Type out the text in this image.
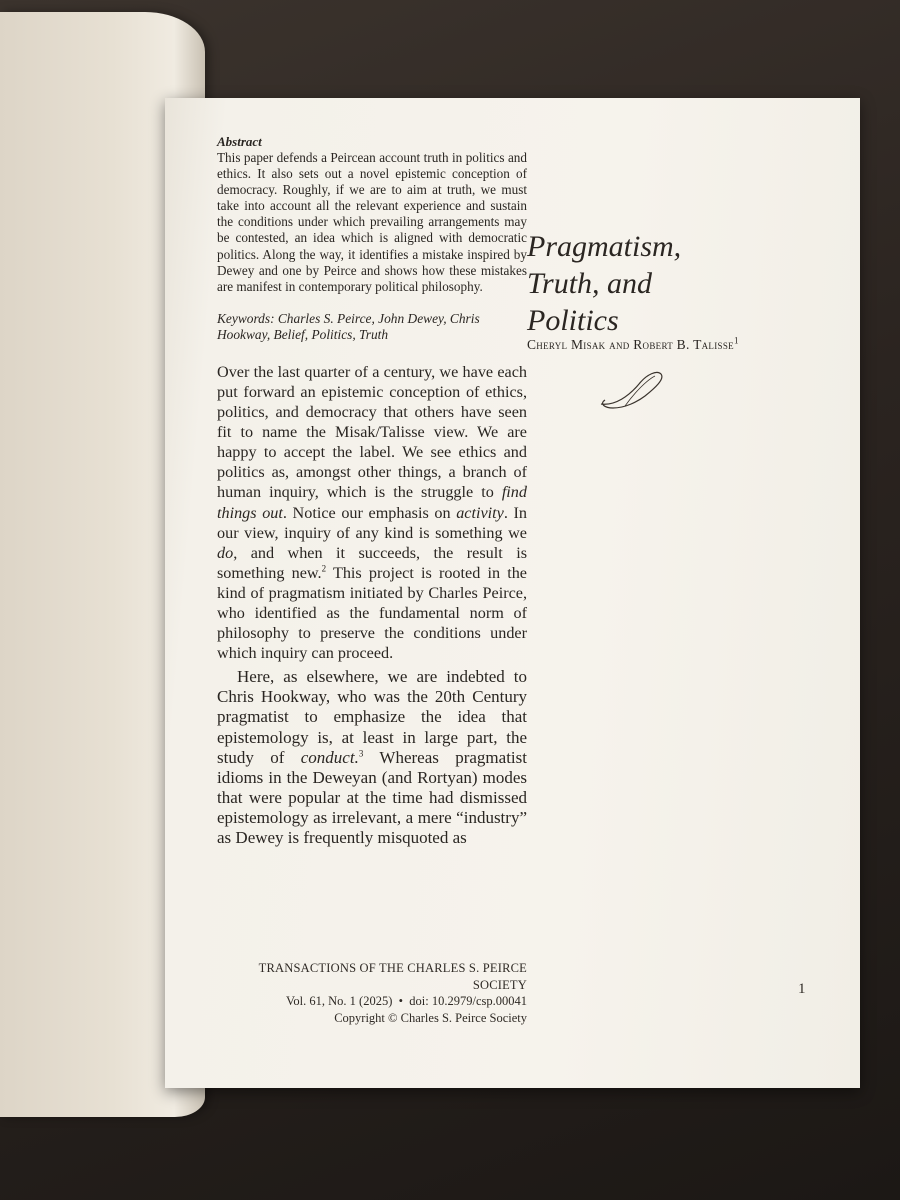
Abstract

This paper defends a Peircean account truth in politics and ethics. It also sets out a novel epistemic conception of democracy. Roughly, if we are to aim at truth, we must take into account all the relevant experience and sustain the conditions under which prevailing arrangements may be contested, an idea which is aligned with democratic politics. Along the way, it identifies a mistake inspired by Dewey and one by Peirce and shows how these mistakes are manifest in contemporary political philosophy.

Keywords: Charles S. Peirce, John Dewey, Chris Hookway, Belief, Politics, Truth

Over the last quarter of a century, we have each put forward an epistemic conception of ethics, politics, and democracy that others have seen fit to name the Misak/Talisse view. We are happy to accept the label. We see ethics and politics as, amongst other things, a branch of human inquiry, which is the struggle to find things out. Notice our emphasis on activity. In our view, inquiry of any kind is something we do, and when it succeeds, the result is something new.$^2$ This project is rooted in the kind of pragmatism initiated by Charles Peirce, who identified as the fundamental norm of philosophy to preserve the conditions under which inquiry can proceed.

Here, as elsewhere, we are indebted to Chris Hookway, who was the 20th Century pragmatist to emphasize the idea that epistemology is, at least in large part, the study of conduct.$^3$ Whereas pragmatist idioms in the Deweyan (and Rortyan) modes that were popular at the time had dismissed epistemology as irrelevant, a mere “industry” as Dewey is frequently misquoted as

Pragmatism,
Truth, and
Politics
Cheryl Misak and Robert B. Talisse$^1$
TRANSACTIONS OF THE CHARLES S. PEIRCE SOCIETY
Vol. 61, No. 1 (2025) • doi: 10.2979/csp.00041
Copyright © Charles S. Peirce Society
1
